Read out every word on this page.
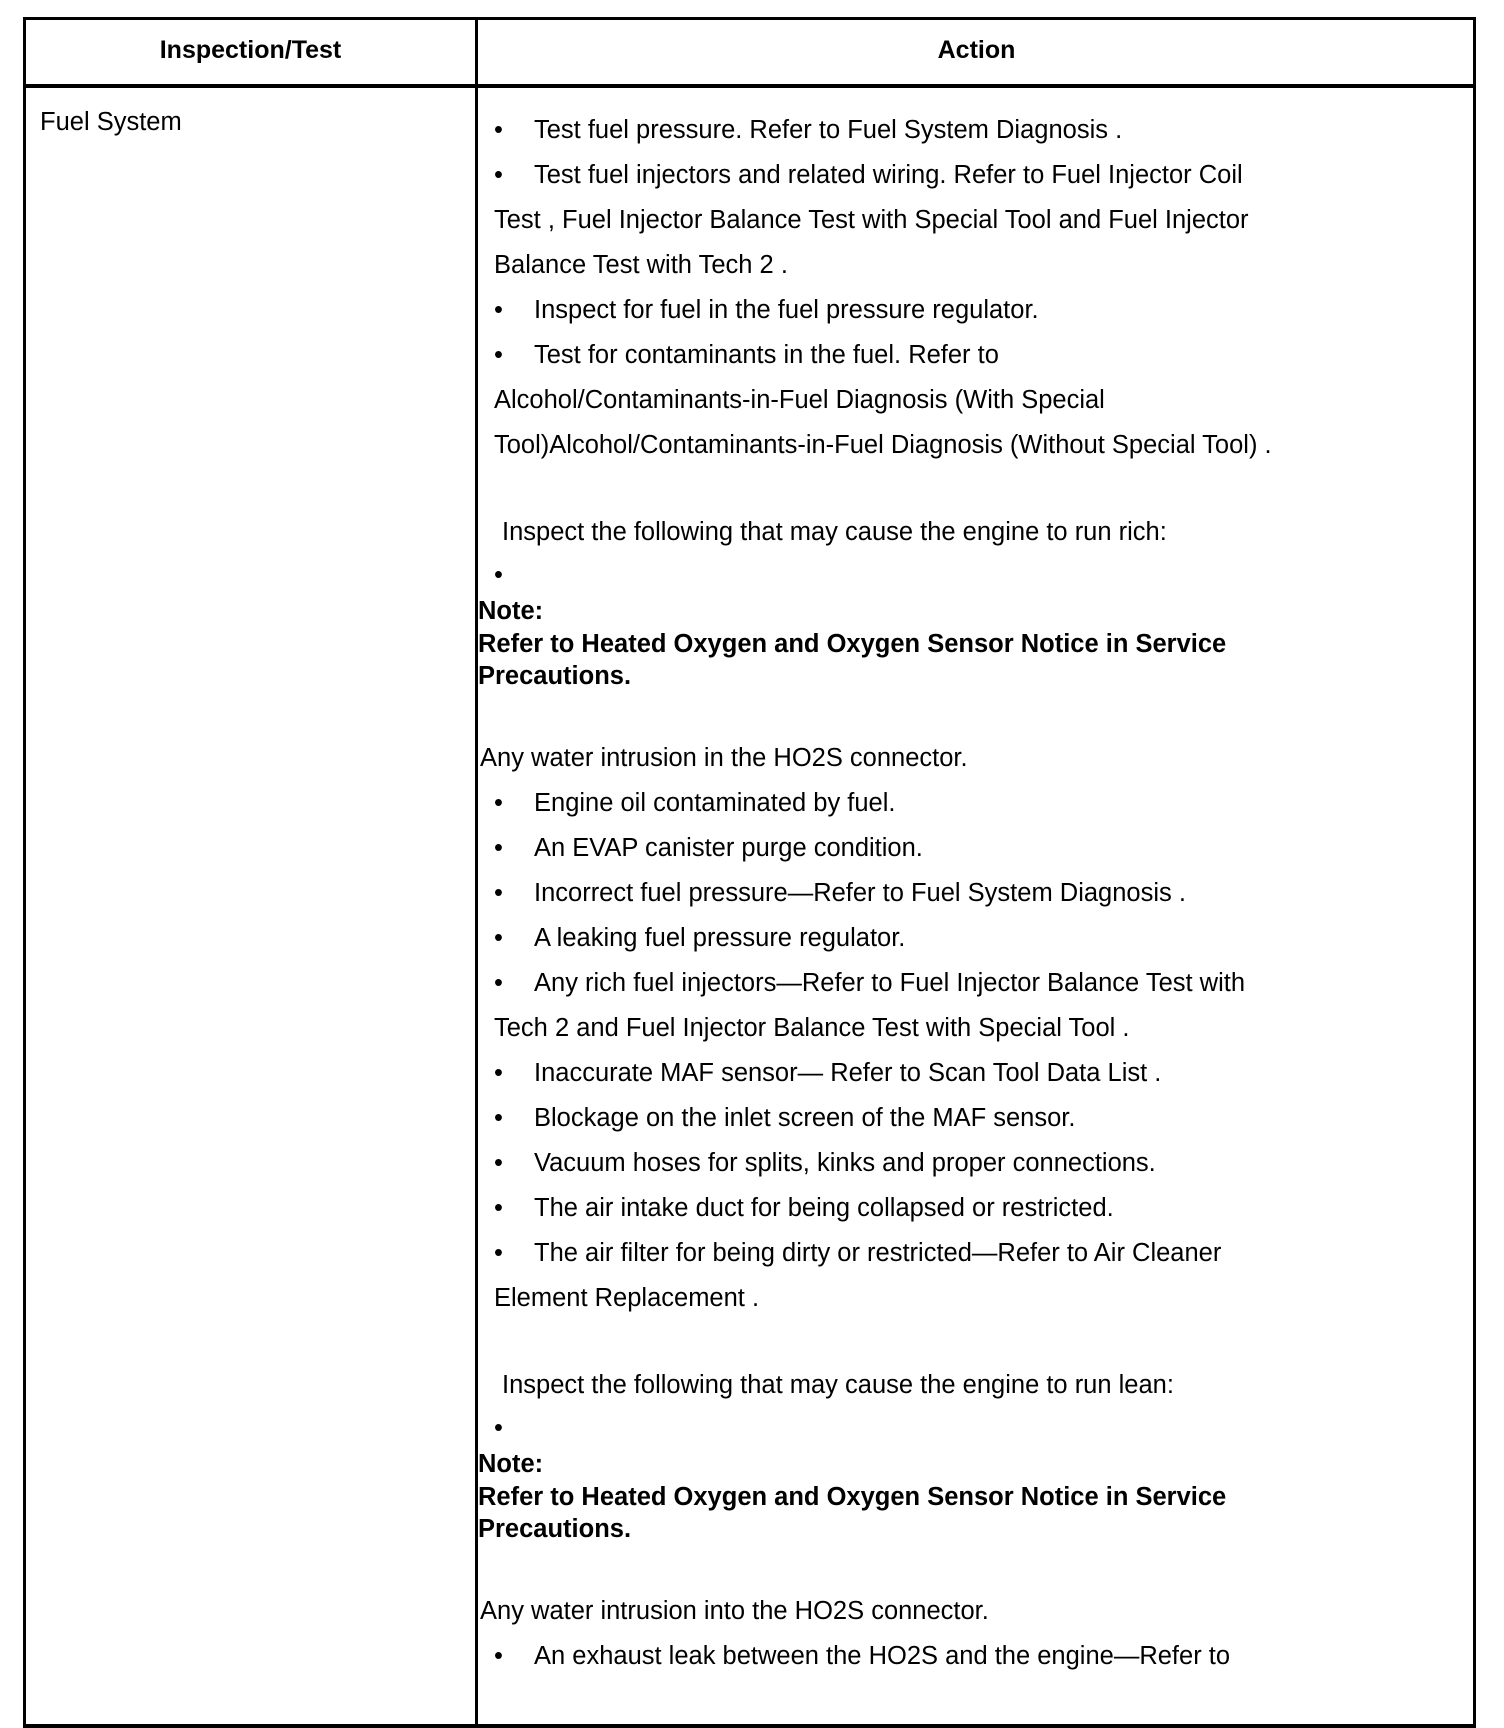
Inspection/Test	Action
Fuel System	• Test fuel pressure. Refer to Fuel System Diagnosis .
• Test fuel injectors and related wiring. Refer to Fuel Injector Coil
Test , Fuel Injector Balance Test with Special Tool and Fuel Injector
Balance Test with Tech 2 .
• Inspect for fuel in the fuel pressure regulator.
• Test for contaminants in the fuel. Refer to
Alcohol/Contaminants-in-Fuel Diagnosis (With Special
Tool)Alcohol/Contaminants-in-Fuel Diagnosis (Without Special Tool) .
Inspect the following that may cause the engine to run rich:
•
Note:
Refer to Heated Oxygen and Oxygen Sensor Notice in Service
Precautions.
Any water intrusion in the HO2S connector.
• Engine oil contaminated by fuel.
• An EVAP canister purge condition.
• Incorrect fuel pressure—Refer to Fuel System Diagnosis .
• A leaking fuel pressure regulator.
• Any rich fuel injectors—Refer to Fuel Injector Balance Test with
Tech 2 and Fuel Injector Balance Test with Special Tool .
• Inaccurate MAF sensor— Refer to Scan Tool Data List .
• Blockage on the inlet screen of the MAF sensor.
• Vacuum hoses for splits, kinks and proper connections.
• The air intake duct for being collapsed or restricted.
• The air filter for being dirty or restricted—Refer to Air Cleaner
Element Replacement .
Inspect the following that may cause the engine to run lean:
•
Note:
Refer to Heated Oxygen and Oxygen Sensor Notice in Service
Precautions.
Any water intrusion into the HO2S connector.
• An exhaust leak between the HO2S and the engine—Refer to
